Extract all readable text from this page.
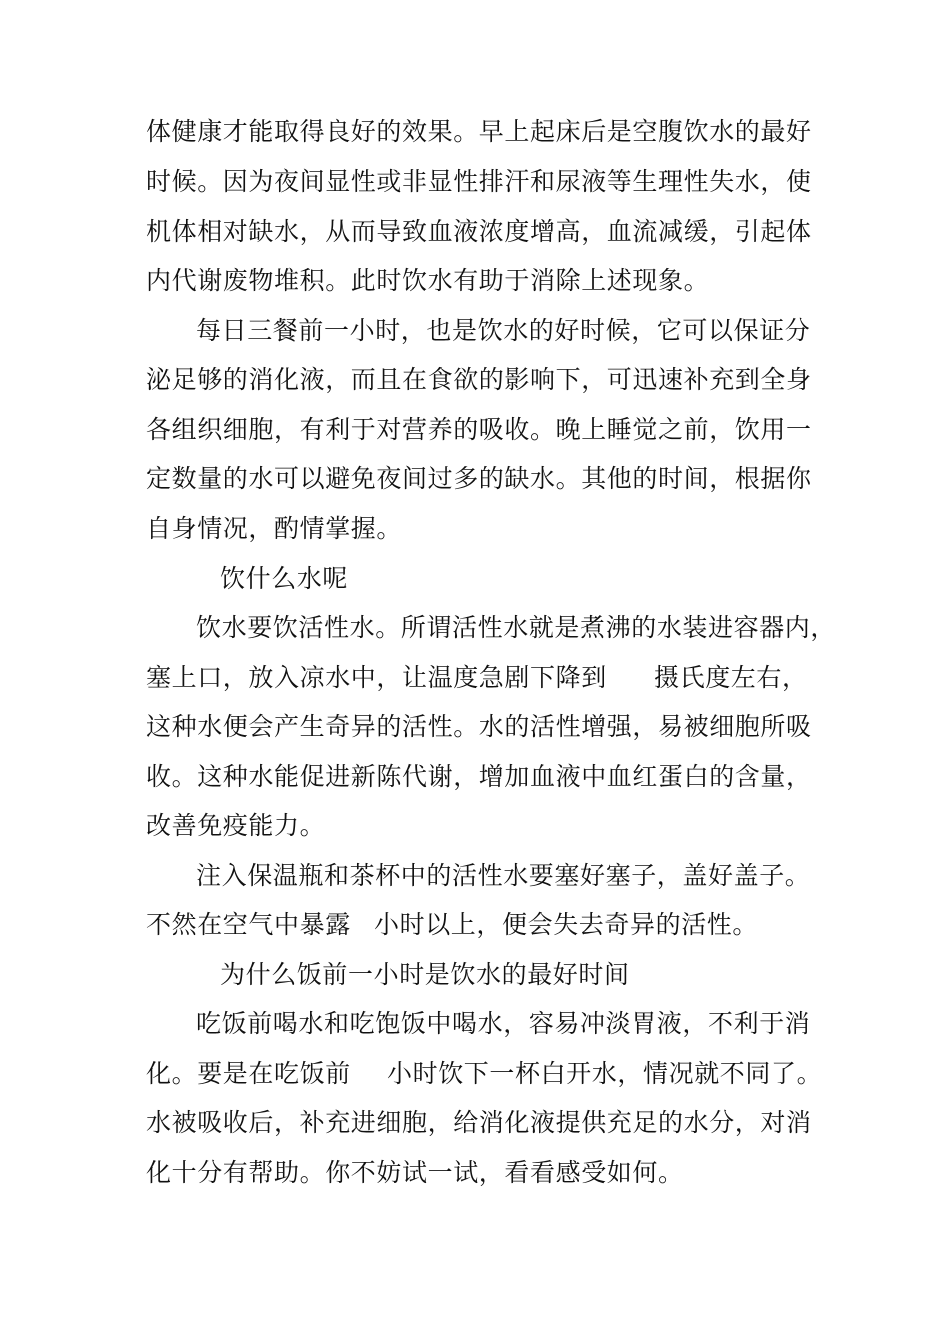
体健康才能取得良好的效果。早上起床后是空腹饮水的最好
时候。因为夜间显性或非显性排汗和尿液等生理性失水，使
机体相对缺水，从而导致血液浓度增高，血流减缓，引起体
内代谢废物堆积。此时饮水有助于消除上述现象。
每日三餐前一小时，也是饮水的好时候，它可以保证分
泌足够的消化液，而且在食欲的影响下，可迅速补充到全身
各组织细胞，有利于对营养的吸收。晚上睡觉之前，饮用一
定数量的水可以避免夜间过多的缺水。其他的时间，根据你
自身情况，酌情掌握。
饮什么水呢
饮水要饮活性水。所谓活性水就是煮沸的水装进容器内，
塞上口，放入凉水中，让温度急剧下降到 摄氏度左右，
这种水便会产生奇异的活性。水的活性增强，易被细胞所吸
收。这种水能促进新陈代谢，增加血液中血红蛋白的含量，
改善免疫能力。
注入保温瓶和茶杯中的活性水要塞好塞子，盖好盖子。
不然在空气中暴露 小时以上，便会失去奇异的活性。
为什么饭前一小时是饮水的最好时间
吃饭前喝水和吃饱饭中喝水，容易冲淡胃液，不利于消
化。要是在吃饭前 小时饮下一杯白开水，情况就不同了。
水被吸收后，补充进细胞，给消化液提供充足的水分，对消
化十分有帮助。你不妨试一试，看看感受如何。
